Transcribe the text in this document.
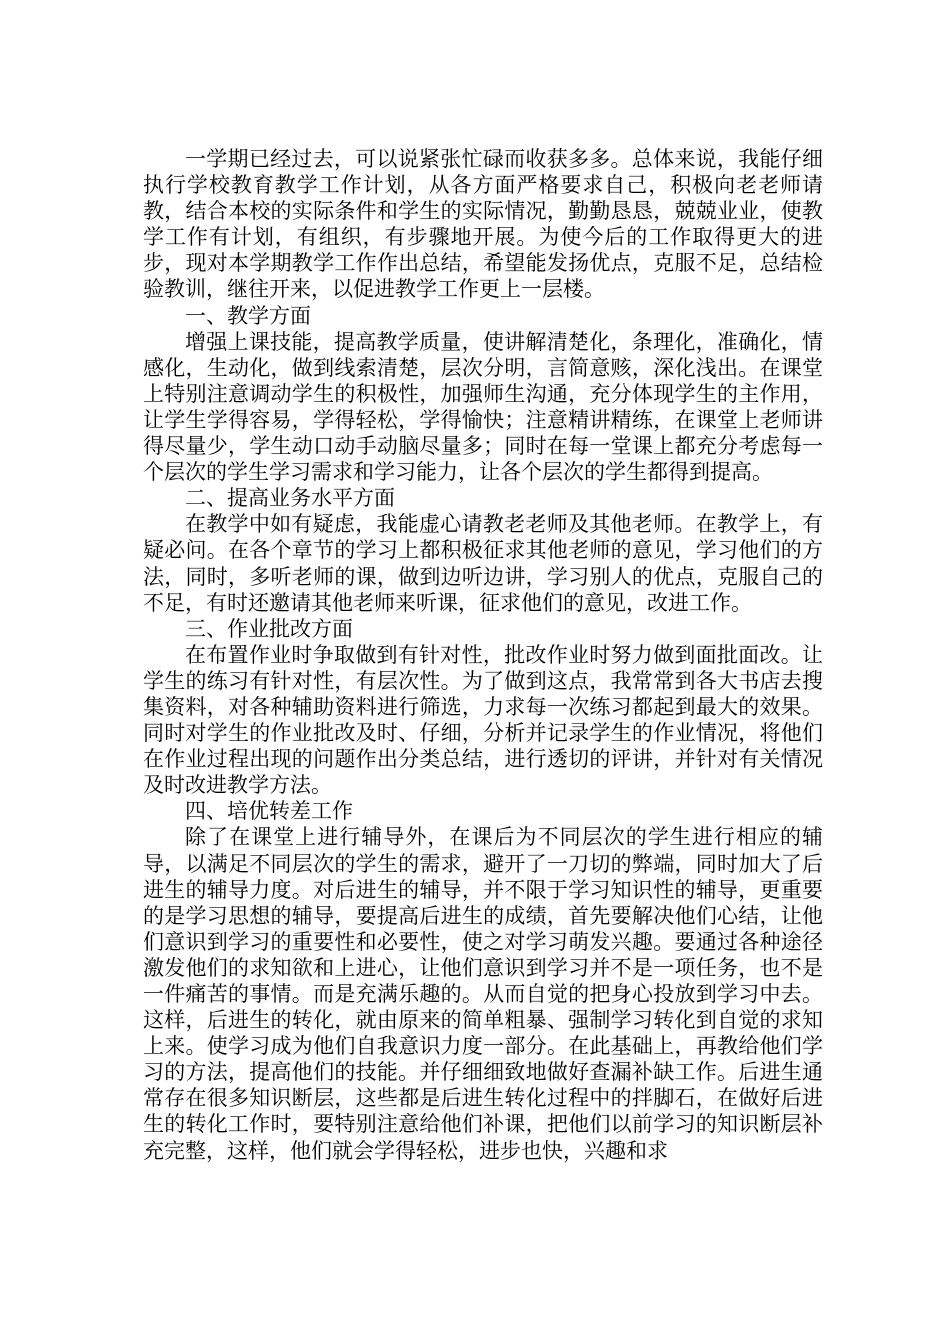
一学期已经过去，可以说紧张忙碌而收获多多。总体来说，我能仔细执行学校教育教学工作计划，从各方面严格要求自己，积极向老老师请教，结合本校的实际条件和学生的实际情况，勤勤恳恳，兢兢业业，使教学工作有计划，有组织，有步骤地开展。为使今后的工作取得更大的进步，现对本学期教学工作作出总结，希望能发扬优点，克服不足，总结检验教训，继往开来，以促进教学工作更上一层楼。

一、教学方面

增强上课技能，提高教学质量，使讲解清楚化，条理化，准确化，情感化，生动化，做到线索清楚，层次分明，言简意赅，深化浅出。在课堂上特别注意调动学生的积极性，加强师生沟通，充分体现学生的主作用，让学生学得容易，学得轻松，学得愉快；注意精讲精练，在课堂上老师讲得尽量少，学生动口动手动脑尽量多；同时在每一堂课上都充分考虑每一个层次的学生学习需求和学习能力，让各个层次的学生都得到提高。

二、提高业务水平方面

在教学中如有疑虑，我能虚心请教老老师及其他老师。在教学上，有疑必问。在各个章节的学习上都积极征求其他老师的意见，学习他们的方法，同时，多听老师的课，做到边听边讲，学习别人的优点，克服自己的不足，有时还邀请其他老师来听课，征求他们的意见，改进工作。

三、作业批改方面

在布置作业时争取做到有针对性，批改作业时努力做到面批面改。让学生的练习有针对性，有层次性。为了做到这点，我常常到各大书店去搜集资料，对各种辅助资料进行筛选，力求每一次练习都起到最大的效果。同时对学生的作业批改及时、仔细，分析并记录学生的作业情况，将他们在作业过程出现的问题作出分类总结，进行透切的评讲，并针对有关情况及时改进教学方法。

四、培优转差工作

除了在课堂上进行辅导外，在课后为不同层次的学生进行相应的辅导，以满足不同层次的学生的需求，避开了一刀切的弊端，同时加大了后进生的辅导力度。对后进生的辅导，并不限于学习知识性的辅导，更重要的是学习思想的辅导，要提高后进生的成绩，首先要解决他们心结，让他们意识到学习的重要性和必要性，使之对学习萌发兴趣。要通过各种途径激发他们的求知欲和上进心，让他们意识到学习并不是一项任务，也不是一件痛苦的事情。而是充满乐趣的。从而自觉的把身心投放到学习中去。这样，后进生的转化，就由原来的简单粗暴、强制学习转化到自觉的求知上来。使学习成为他们自我意识力度一部分。在此基础上，再教给他们学习的方法，提高他们的技能。并仔细细致地做好查漏补缺工作。后进生通常存在很多知识断层，这些都是后进生转化过程中的拌脚石，在做好后进生的转化工作时，要特别注意给他们补课，把他们以前学习的知识断层补充完整，这样，他们就会学得轻松，进步也快，兴趣和求
